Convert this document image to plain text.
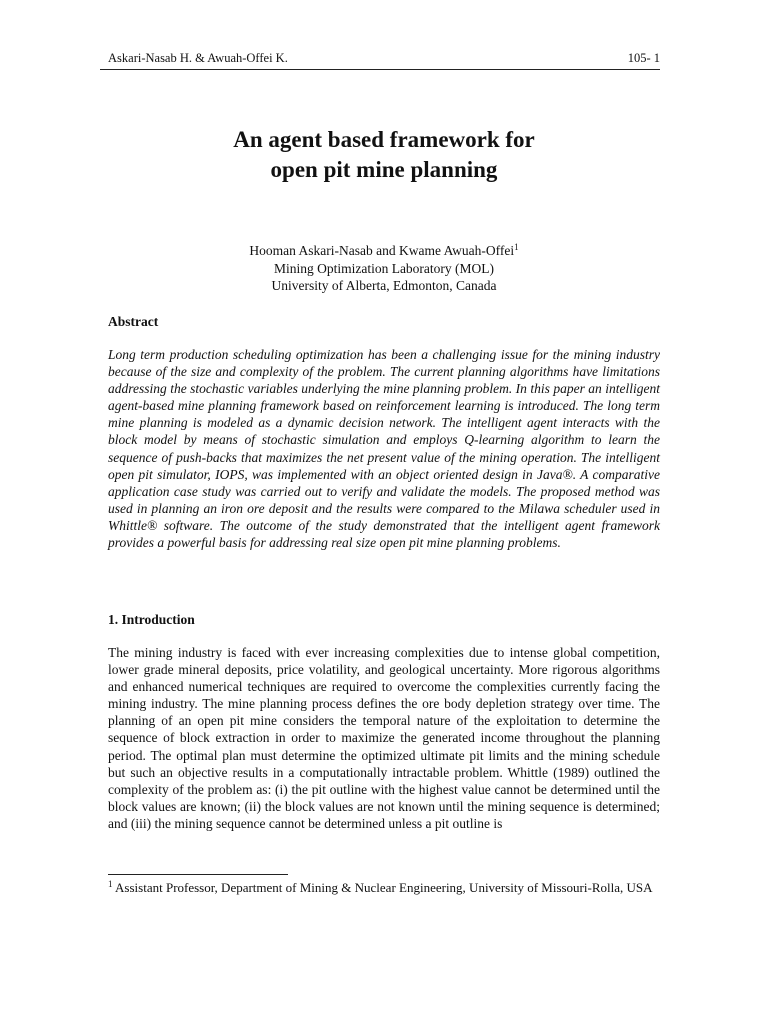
Askari-Nasab H. & Awuah-Offei K.	105- 1
An agent based framework for
open pit mine planning
Hooman Askari-Nasab and Kwame Awuah-Offei$^1$
Mining Optimization Laboratory (MOL)
University of Alberta, Edmonton, Canada
Abstract
Long term production scheduling optimization has been a challenging issue for the mining industry because of the size and complexity of the problem. The current planning algorithms have limitations addressing the stochastic variables underlying the mine planning problem. In this paper an intelligent agent-based mine planning framework based on reinforcement learning is introduced. The long term mine planning is modeled as a dynamic decision network. The intelligent agent interacts with the block model by means of stochastic simulation and employs Q-learning algorithm to learn the sequence of push-backs that maximizes the net present value of the mining operation. The intelligent open pit simulator, IOPS, was implemented with an object oriented design in Java®. A comparative application case study was carried out to verify and validate the models. The proposed method was used in planning an iron ore deposit and the results were compared to the Milawa scheduler used in Whittle® software. The outcome of the study demonstrated that the intelligent agent framework provides a powerful basis for addressing real size open pit mine planning problems.
1. Introduction
The mining industry is faced with ever increasing complexities due to intense global competition, lower grade mineral deposits, price volatility, and geological uncertainty. More rigorous algorithms and enhanced numerical techniques are required to overcome the complexities currently facing the mining industry. The mine planning process defines the ore body depletion strategy over time. The planning of an open pit mine considers the temporal nature of the exploitation to determine the sequence of block extraction in order to maximize the generated income throughout the planning period. The optimal plan must determine the optimized ultimate pit limits and the mining schedule but such an objective results in a computationally intractable problem. Whittle (1989) outlined the complexity of the problem as: (i) the pit outline with the highest value cannot be determined until the block values are known; (ii) the block values are not known until the mining sequence is determined; and (iii) the mining sequence cannot be determined unless a pit outline is
$^1$ Assistant Professor, Department of Mining & Nuclear Engineering, University of Missouri-Rolla, USA
